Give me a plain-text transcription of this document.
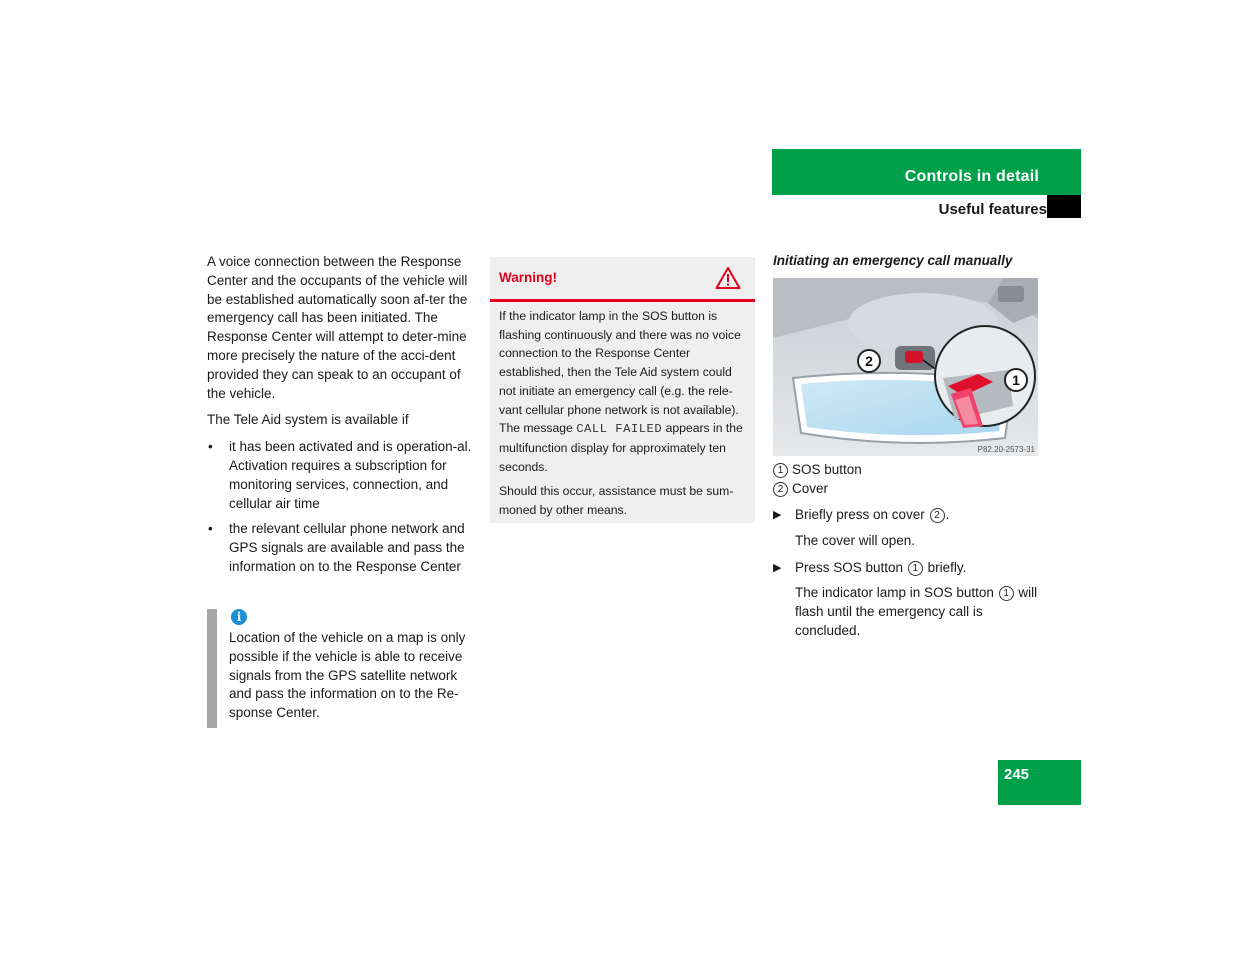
Controls in detail
Useful features

A voice connection between the Response Center and the occupants of the vehicle will be established automatically soon af-ter the emergency call has been initiated. The Response Center will attempt to deter-mine more precisely the nature of the acci-dent provided they can speak to an occupant of the vehicle.

The Tele Aid system is available if

• it has been activated and is operation-al. Activation requires a subscription for monitoring services, connection, and cellular air time
• the relevant cellular phone network and GPS signals are available and pass the information on to the Response Center
i
Location of the vehicle on a map is only possible if the vehicle is able to receive signals from the GPS satellite network and pass the information on to the Re-sponse Center.
Warning!

If the indicator lamp in the SOS button is flashing continuously and there was no voice connection to the Response Center established, then the Tele Aid system could not initiate an emergency call (e.g. the rele-vant cellular phone network is not available). The message CALL FAILED appears in the multifunction display for approximately ten seconds.

Should this occur, assistance must be sum-moned by other means.

Initiating an emergency call manually
2
1
P82.20-2573-31
1 SOS button
2 Cover
▶ Briefly press on cover 2 .
The cover will open.
▶ Press SOS button 1 briefly.
The indicator lamp in SOS button 1 will flash until the emergency call is concluded.
245
